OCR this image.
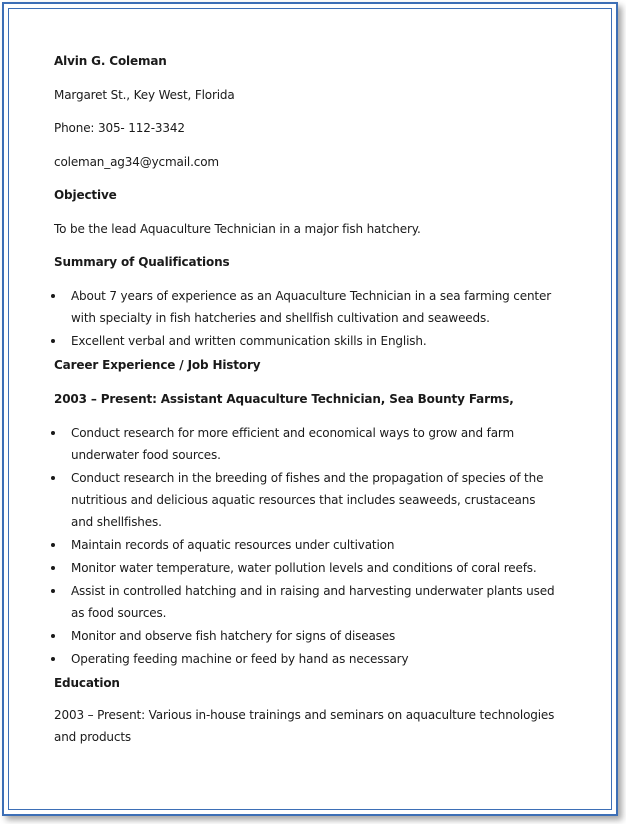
Alvin G. Coleman
Margaret St., Key West, Florida
Phone: 305- 112-3342
coleman_ag34@ycmail.com
Objective
To be the lead Aquaculture Technician in a major fish hatchery.
Summary of Qualifications
About 7 years of experience as an Aquaculture Technician in a sea farming center with specialty in fish hatcheries and shellfish cultivation and seaweeds.
Excellent verbal and written communication skills in English.
Career Experience / Job History
2003 – Present: Assistant Aquaculture Technician, Sea Bounty Farms,
Conduct research for more efficient and economical ways to grow and farm underwater food sources.
Conduct research in the breeding of fishes and the propagation of species of the nutritious and delicious aquatic resources that includes seaweeds, crustaceans and shellfishes.
Maintain records of aquatic resources under cultivation
Monitor water temperature, water pollution levels and conditions of coral reefs.
Assist in controlled hatching and in raising and harvesting underwater plants used as food sources.
Monitor and observe fish hatchery for signs of diseases
Operating feeding machine or feed by hand as necessary
Education
2003 – Present: Various in-house trainings and seminars on aquaculture technologies and products
